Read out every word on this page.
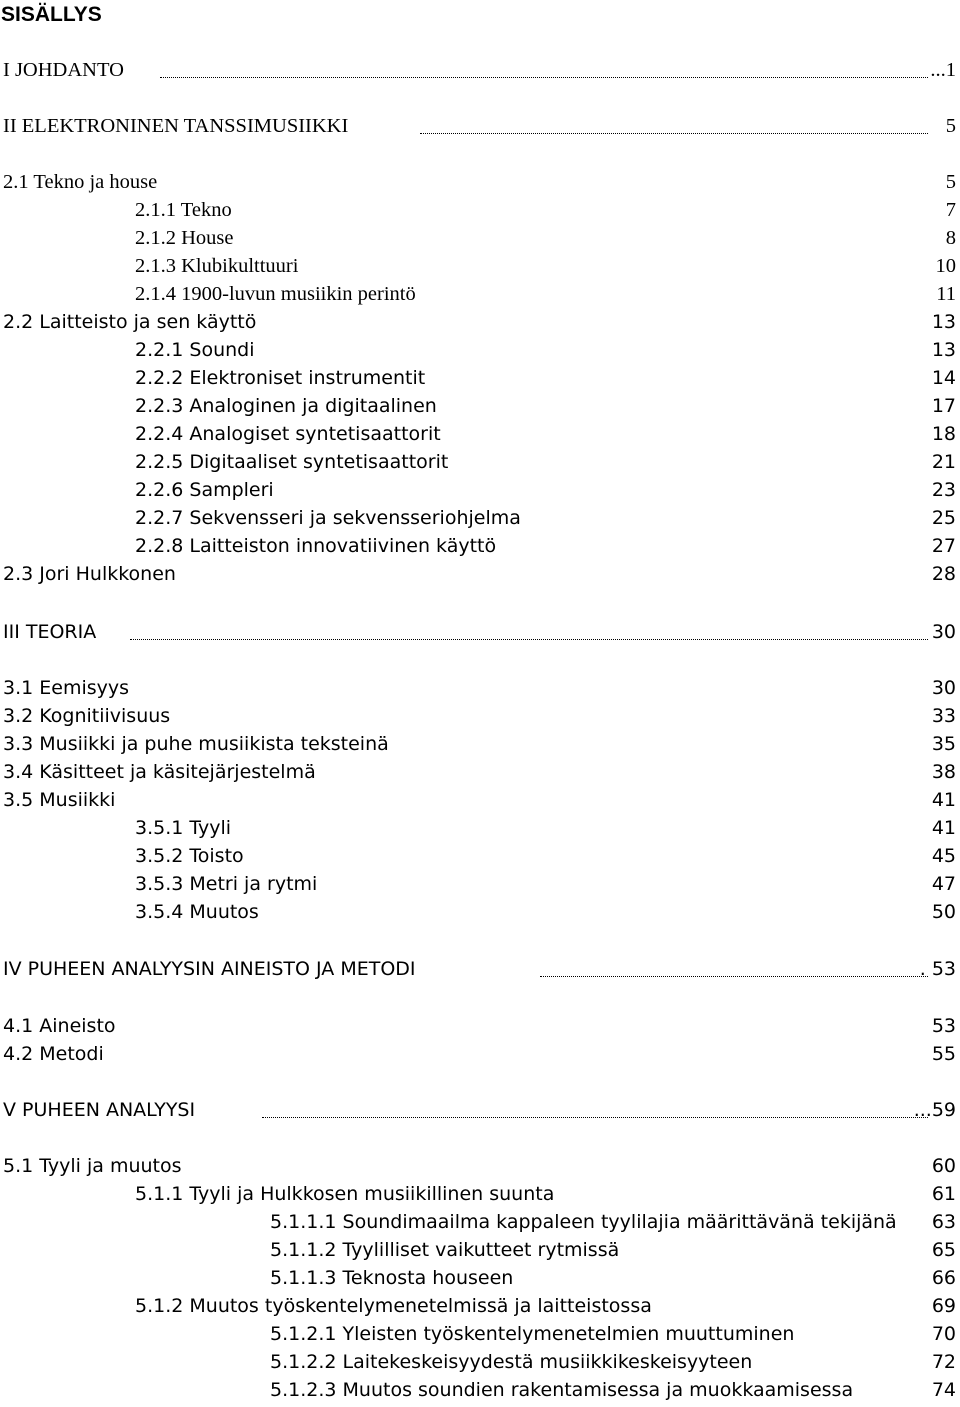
SISÄLLYS
I JOHDANTO	...1
II ELEKTRONINEN TANSSIMUSIIKKI	5
2.1 Tekno ja house	5
2.1.1 Tekno	7
2.1.2 House	8
2.1.3 Klubikulttuuri	10
2.1.4 1900-luvun musiikin perintö	11
2.2 Laitteisto ja sen käyttö	13
2.2.1 Soundi	13
2.2.2 Elektroniset instrumentit	14
2.2.3 Analoginen ja digitaalinen	17
2.2.4 Analogiset syntetisaattorit	18
2.2.5 Digitaaliset syntetisaattorit	21
2.2.6 Sampleri	23
2.2.7 Sekvensseri ja sekvensseriohjelma	25
2.2.8 Laitteiston innovatiivinen käyttö	27
2.3 Jori Hulkkonen	28
III TEORIA	30
3.1 Eemisyys	30
3.2 Kognitiivisuus	33
3.3 Musiikki ja puhe musiikista teksteinä	35
3.4 Käsitteet ja käsitejärjestelmä	38
3.5 Musiikki	41
3.5.1 Tyyli	41
3.5.2 Toisto	45
3.5.3 Metri ja rytmi	47
3.5.4 Muutos	50
IV PUHEEN ANALYYSIN AINEISTO JA METODI	. 53
4.1 Aineisto	53
4.2 Metodi	55
V PUHEEN ANALYYSI	...59
5.1 Tyyli ja muutos	60
5.1.1 Tyyli ja Hulkkosen musiikillinen suunta	61
5.1.1.1 Soundimaailma kappaleen tyylilajia määrittävänä tekijänä 63
5.1.1.2 Tyylilliset vaikutteet rytmissä	65
5.1.1.3 Teknosta houseen	66
5.1.2 Muutos työskentelymenetelmissä ja laitteistossa	69
5.1.2.1 Yleisten työskentelymenetelmien muuttuminen	70
5.1.2.2 Laitekeskeisyydestä musiikkikeskeisyyteen	72
5.1.2.3 Muutos soundien rakentamisessa ja muokkaamisessa	74
